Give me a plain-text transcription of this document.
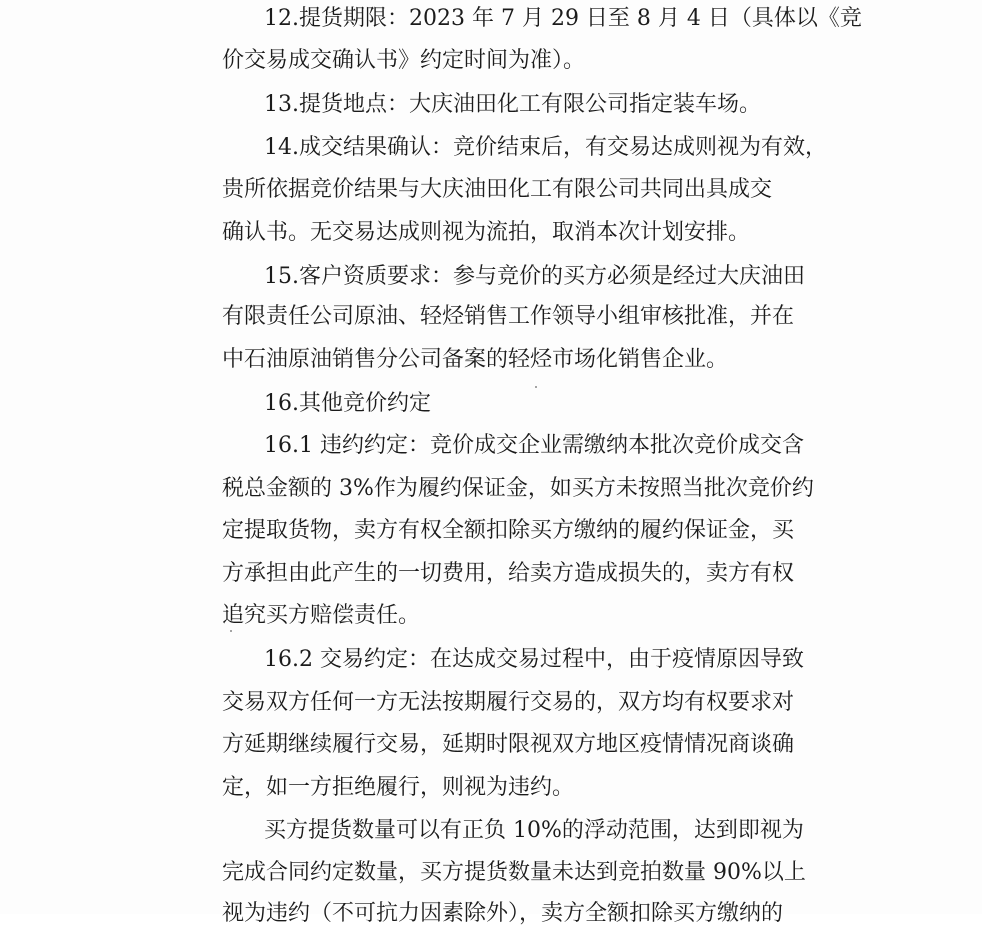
12.提货期限：2023 年 7 月 29 日至 8 月 4 日（具体以《竞
价交易成交确认书》约定时间为准）。
13.提货地点：大庆油田化工有限公司指定装车场。
14.成交结果确认：竞价结束后，有交易达成则视为有效，
贵所依据竞价结果与大庆油田化工有限公司共同出具成交
确认书。无交易达成则视为流拍，取消本次计划安排。
15.客户资质要求：参与竞价的买方必须是经过大庆油田
有限责任公司原油、轻烃销售工作领导小组审核批准，并在
中石油原油销售分公司备案的轻烃市场化销售企业。
16.其他竞价约定
16.1 违约约定：竞价成交企业需缴纳本批次竞价成交含
税总金额的 3%作为履约保证金，如买方未按照当批次竞价约
定提取货物，卖方有权全额扣除买方缴纳的履约保证金，买
方承担由此产生的一切费用，给卖方造成损失的，卖方有权
追究买方赔偿责任。
16.2 交易约定：在达成交易过程中，由于疫情原因导致
交易双方任何一方无法按期履行交易的，双方均有权要求对
方延期继续履行交易，延期时限视双方地区疫情情况商谈确
定，如一方拒绝履行，则视为违约。
买方提货数量可以有正负 10%的浮动范围，达到即视为
完成合同约定数量，买方提货数量未达到竞拍数量 90%以上
视为违约（不可抗力因素除外），卖方全额扣除买方缴纳的
